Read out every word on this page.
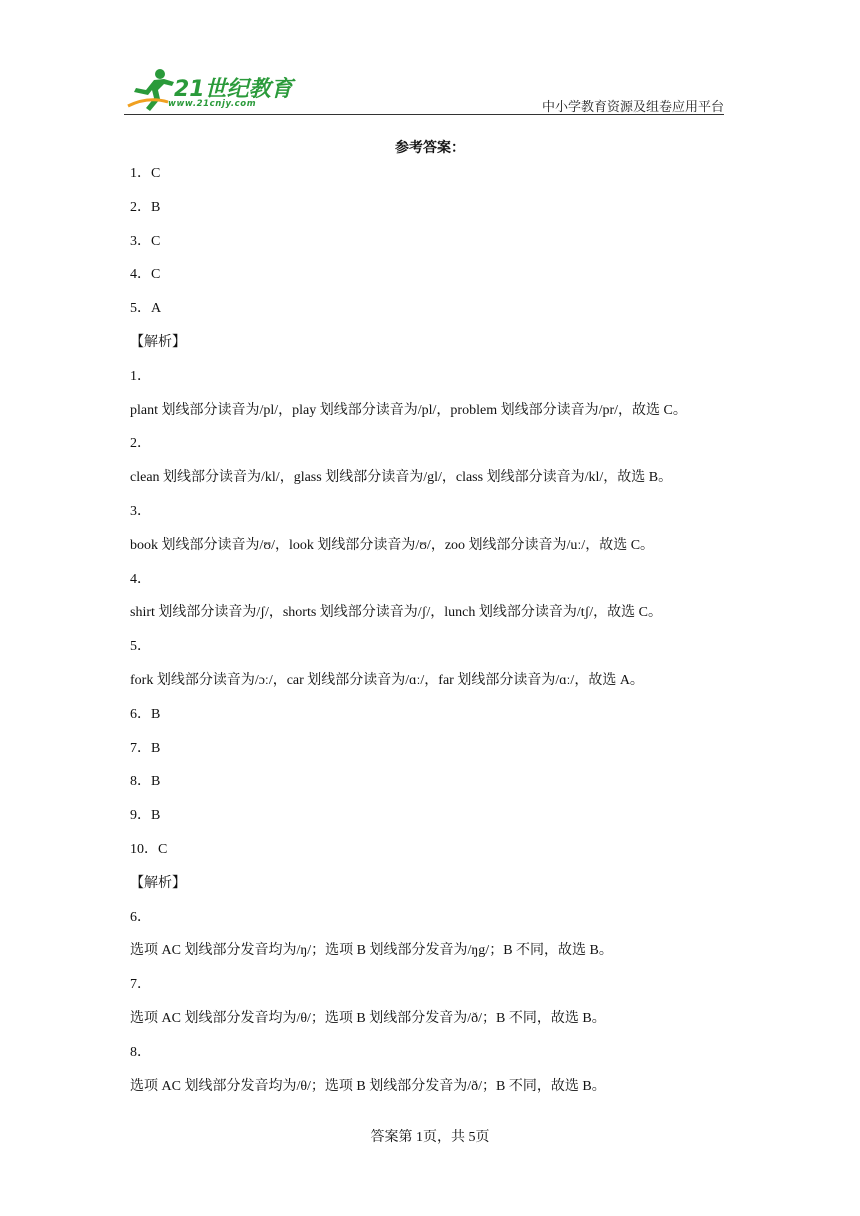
21世纪教育
www.21cnjy.com	中小学教育资源及组卷应用平台
参考答案：
1．C
2．B
3．C
4．C
5．A
【解析】
1．
plant 划线部分读音为/pl/，play 划线部分读音为/pl/，problem 划线部分读音为/pr/，故选 C。
2．
clean 划线部分读音为/kl/，glass 划线部分读音为/gl/，class 划线部分读音为/kl/，故选 B。
3．
book 划线部分读音为/ʊ/，look 划线部分读音为/ʊ/，zoo 划线部分读音为/uː/，故选 C。
4．
shirt 划线部分读音为/ʃ/，shorts 划线部分读音为/ʃ/，lunch 划线部分读音为/tʃ/，故选 C。
5．
fork 划线部分读音为/ɔː/，car 划线部分读音为/ɑː/，far 划线部分读音为/ɑː/，故选 A。
6．B
7．B
8．B
9．B
10．C
【解析】
6．
选项 AC 划线部分发音均为/ŋ/；选项 B 划线部分发音为/ŋg/；B 不同，故选 B。
7．
选项 AC 划线部分发音均为/θ/；选项 B 划线部分发音为/ð/；B 不同，故选 B。
8．
选项 AC 划线部分发音均为/θ/；选项 B 划线部分发音为/ð/；B 不同，故选 B。
答案第 1页，共 5页
